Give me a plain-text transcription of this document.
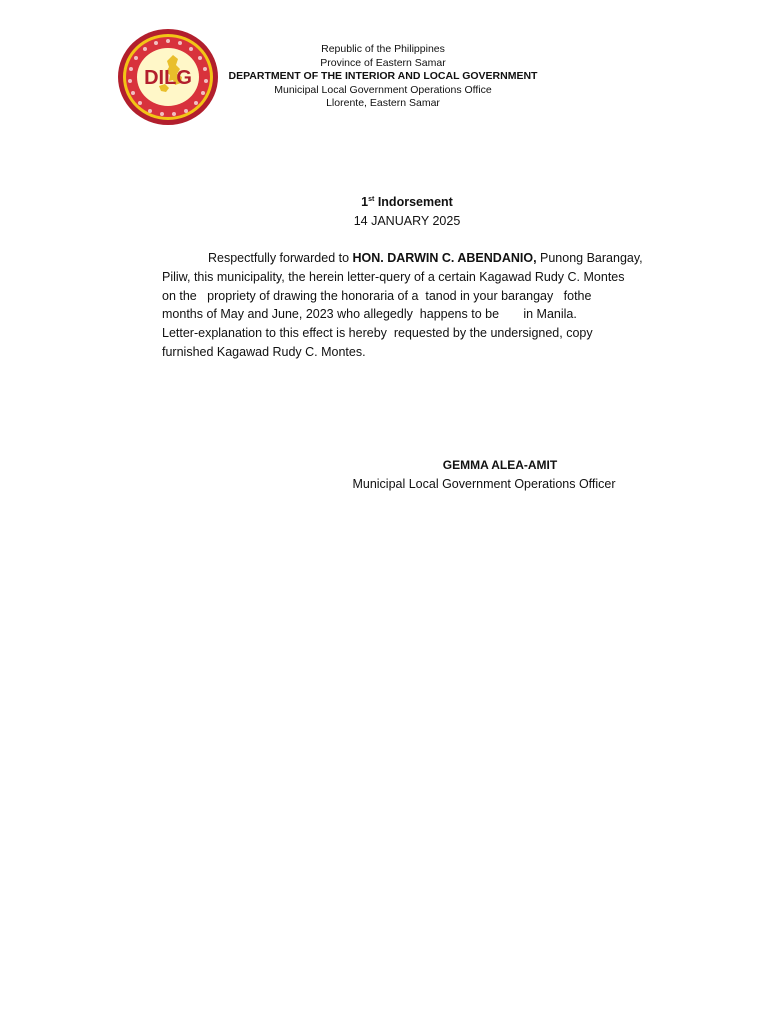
DILG
Republic of the Philippines
Province of Eastern Samar
DEPARTMENT OF THE INTERIOR AND LOCAL GOVERNMENT
Municipal Local Government Operations Office
Llorente, Eastern Samar
1st Indorsement
14 JANUARY 2025
Respectfully forwarded to HON. DARWIN C. ABENDANIO, Punong Barangay,
Piliw, this municipality, the herein letter-query of a certain Kagawad Rudy C. Montes
on the   propriety of drawing the honoraria of a  tanod in your barangay   fothe
months of May and June, 2023 who allegedly  happens to be       in Manila.
Letter-explanation to this effect is hereby  requested by the undersigned, copy
furnished Kagawad Rudy C. Montes.
GEMMA ALEA-AMIT
Municipal Local Government Operations Officer
